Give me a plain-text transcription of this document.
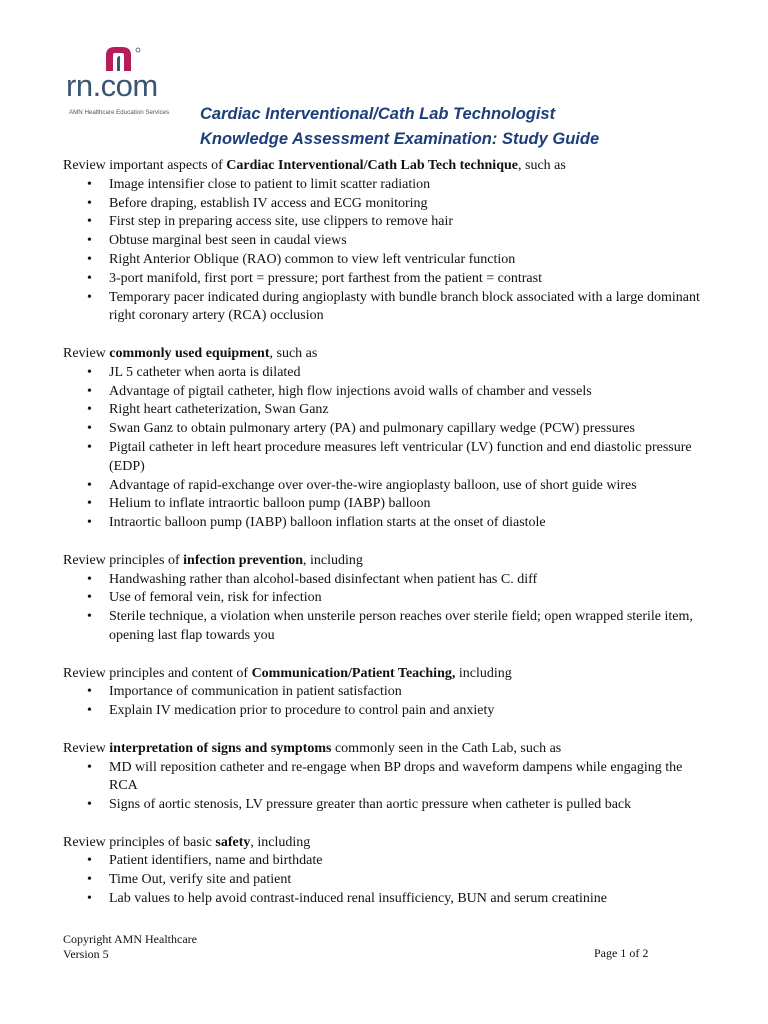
rn.com
AMN Healthcare Education Services Cardiac Interventional/Cath Lab Technologist
Knowledge Assessment Examination: Study Guide

Review important aspects of Cardiac Interventional/Cath Lab Tech technique, such as

• Image intensifier close to patient to limit scatter radiation
• Before draping, establish IV access and ECG monitoring
• First step in preparing access site, use clippers to remove hair
• Obtuse marginal best seen in caudal views
• Right Anterior Oblique (RAO) common to view left ventricular function
• 3-port manifold, first port = pressure; port farthest from the patient = contrast
• Temporary pacer indicated during angioplasty with bundle branch block associated with a large dominant right coronary artery (RCA) occlusion

Review commonly used equipment, such as

• JL 5 catheter when aorta is dilated
• Advantage of pigtail catheter, high flow injections avoid walls of chamber and vessels
• Right heart catheterization, Swan Ganz
• Swan Ganz to obtain pulmonary artery (PA) and pulmonary capillary wedge (PCW) pressures
• Pigtail catheter in left heart procedure measures left ventricular (LV) function and end diastolic pressure (EDP)
• Advantage of rapid-exchange over over-the-wire angioplasty balloon, use of short guide wires
• Helium to inflate intraortic balloon pump (IABP) balloon
• Intraortic balloon pump (IABP) balloon inflation starts at the onset of diastole

Review principles of infection prevention, including

• Handwashing rather than alcohol-based disinfectant when patient has C. diff
• Use of femoral vein, risk for infection
• Sterile technique, a violation when unsterile person reaches over sterile field; open wrapped sterile item, opening last flap towards you

Review principles and content of Communication/Patient Teaching, including

• Importance of communication in patient satisfaction
• Explain IV medication prior to procedure to control pain and anxiety

Review interpretation of signs and symptoms commonly seen in the Cath Lab, such as

• MD will reposition catheter and re-engage when BP drops and waveform dampens while engaging the RCA
• Signs of aortic stenosis, LV pressure greater than aortic pressure when catheter is pulled back

Review principles of basic safety, including

• Patient identifiers, name and birthdate
• Time Out, verify site and patient
• Lab values to help avoid contrast-induced renal insufficiency, BUN and serum creatinine
Copyright AMN Healthcare
Version 5	Page 1 of 2
